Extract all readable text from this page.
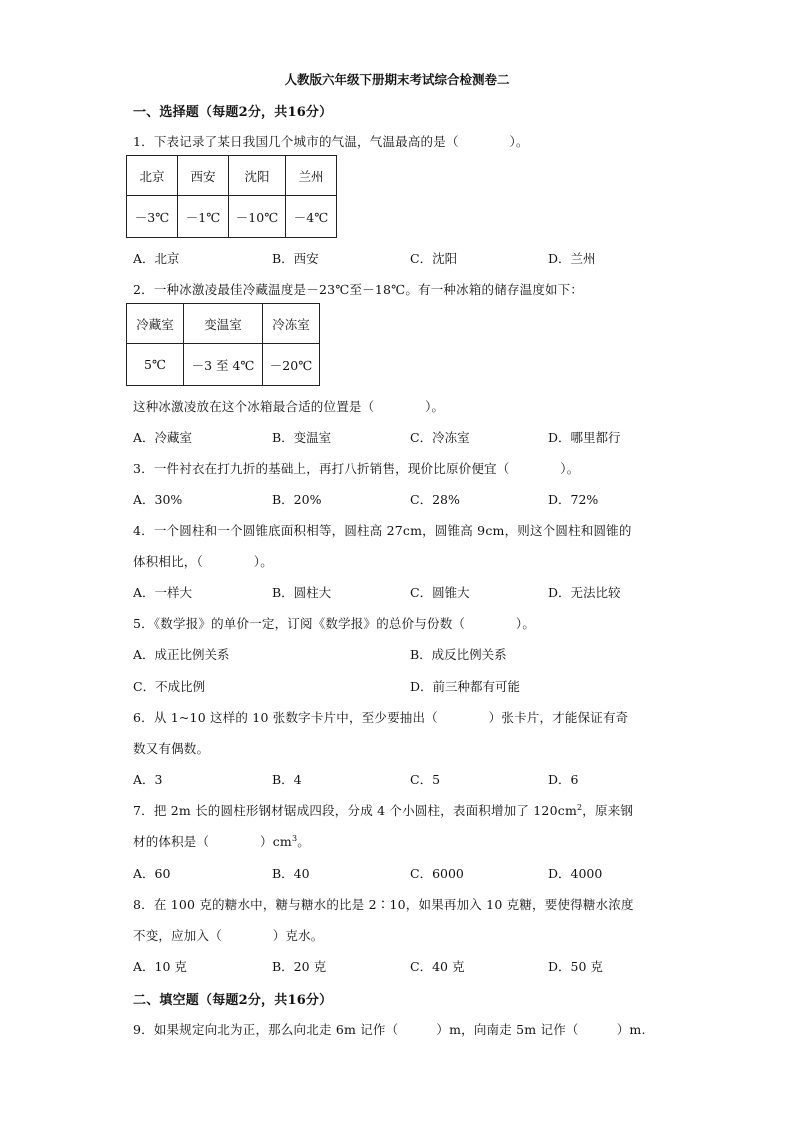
人教版六年级下册期末考试综合检测卷二
一、选择题（每题2分，共16分）
1．下表记录了某日我国几个城市的气温，气温最高的是（　　　　）。
北京	西安	沈阳	兰州
－3℃	－1℃	－10℃	－4℃
A．北京	B．西安	C．沈阳	D．兰州
2．一种冰激凌最佳冷藏温度是－23℃至－18℃。有一种冰箱的储存温度如下：
冷藏室	变温室	冷冻室
5℃	－3 至 4℃	－20℃
这种冰激凌放在这个冰箱最合适的位置是（　　　　）。
A．冷藏室	B．变温室	C．冷冻室	D．哪里都行
3．一件衬衣在打九折的基础上，再打八折销售，现价比原价便宜（　　　　）。
A．30%	B．20%	C．28%	D．72%
4．一个圆柱和一个圆锥底面积相等，圆柱高 27cm，圆锥高 9cm，则这个圆柱和圆锥的
体积相比，（　　　　）。
A．一样大	B．圆柱大	C．圆锥大	D．无法比较
5．《数学报》的单价一定，订阅《数学报》的总价与份数（　　　　）。
A．成正比例关系	B．成反比例关系
C．不成比例	D．前三种都有可能
6．从 1~10 这样的 10 张数字卡片中，至少要抽出（　　　　）张卡片，才能保证有奇
数又有偶数。
A．3	B．4	C．5	D．6
7．把 2m 长的圆柱形钢材锯成四段，分成 4 个小圆柱，表面积增加了 $120cm^2$，原来钢
材的体积是（　　　　）$cm^3$。
A．60	B．40	C．6000	D．4000
8．在 100 克的糖水中，糖与糖水的比是 2∶10，如果再加入 10 克糖，要使得糖水浓度
不变，应加入（　　　　）克水。
A．10 克	B．20 克	C．40 克	D．50 克
二、填空题（每题2分，共16分）
9．如果规定向北为正，那么向北走 6m 记作（　　　）m，向南走 5m 记作（　　　）m.
